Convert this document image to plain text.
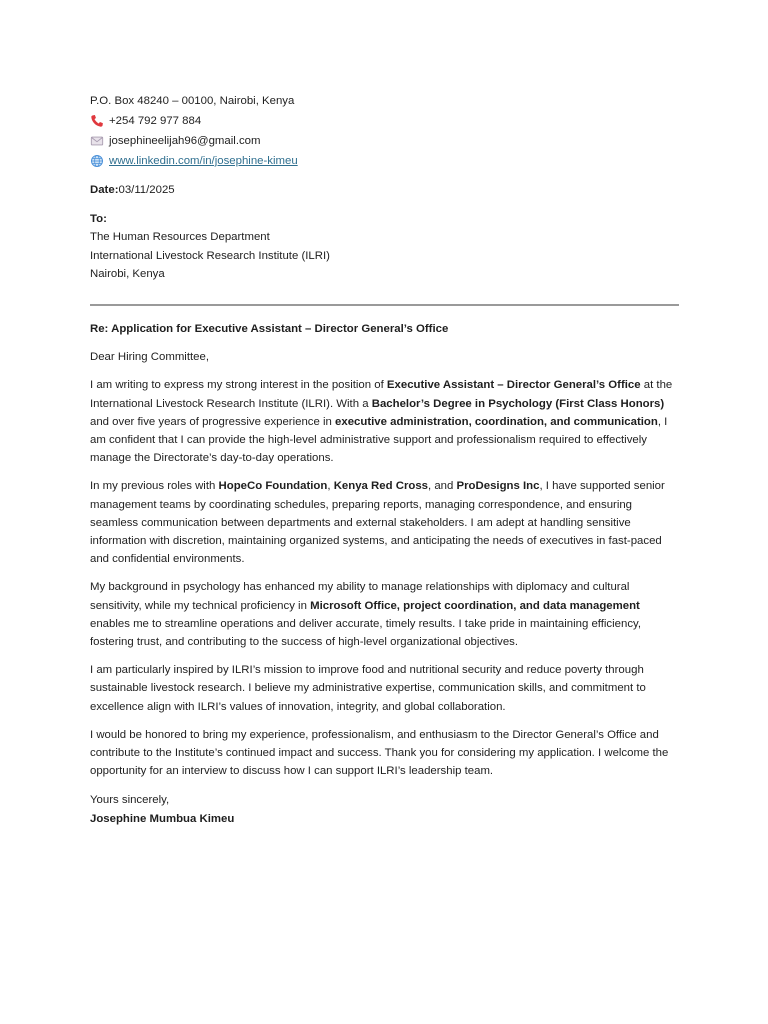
P.O. Box 48240 – 00100, Nairobi, Kenya
+254 792 977 884
josephineelijah96@gmail.com
www.linkedin.com/in/josephine-kimeu
Date:03/11/2025
To:
The Human Resources Department
International Livestock Research Institute (ILRI)
Nairobi, Kenya
Re: Application for Executive Assistant – Director General’s Office
Dear Hiring Committee,

I am writing to express my strong interest in the position of Executive Assistant – Director General’s Office at the International Livestock Research Institute (ILRI). With a Bachelor’s Degree in Psychology (First Class Honors) and over five years of progressive experience in executive administration, coordination, and communication, I am confident that I can provide the high-level administrative support and professionalism required to effectively manage the Directorate’s day-to-day operations.

In my previous roles with HopeCo Foundation, Kenya Red Cross, and ProDesigns Inc, I have supported senior management teams by coordinating schedules, preparing reports, managing correspondence, and ensuring seamless communication between departments and external stakeholders. I am adept at handling sensitive information with discretion, maintaining organized systems, and anticipating the needs of executives in fast-paced and confidential environments.

My background in psychology has enhanced my ability to manage relationships with diplomacy and cultural sensitivity, while my technical proficiency in Microsoft Office, project coordination, and data management enables me to streamline operations and deliver accurate, timely results. I take pride in maintaining efficiency, fostering trust, and contributing to the success of high-level organizational objectives.

I am particularly inspired by ILRI’s mission to improve food and nutritional security and reduce poverty through sustainable livestock research. I believe my administrative expertise, communication skills, and commitment to excellence align with ILRI’s values of innovation, integrity, and global collaboration.

I would be honored to bring my experience, professionalism, and enthusiasm to the Director General’s Office and contribute to the Institute’s continued impact and success. Thank you for considering my application. I welcome the opportunity for an interview to discuss how I can support ILRI’s leadership team.

Yours sincerely,
Josephine Mumbua Kimeu
